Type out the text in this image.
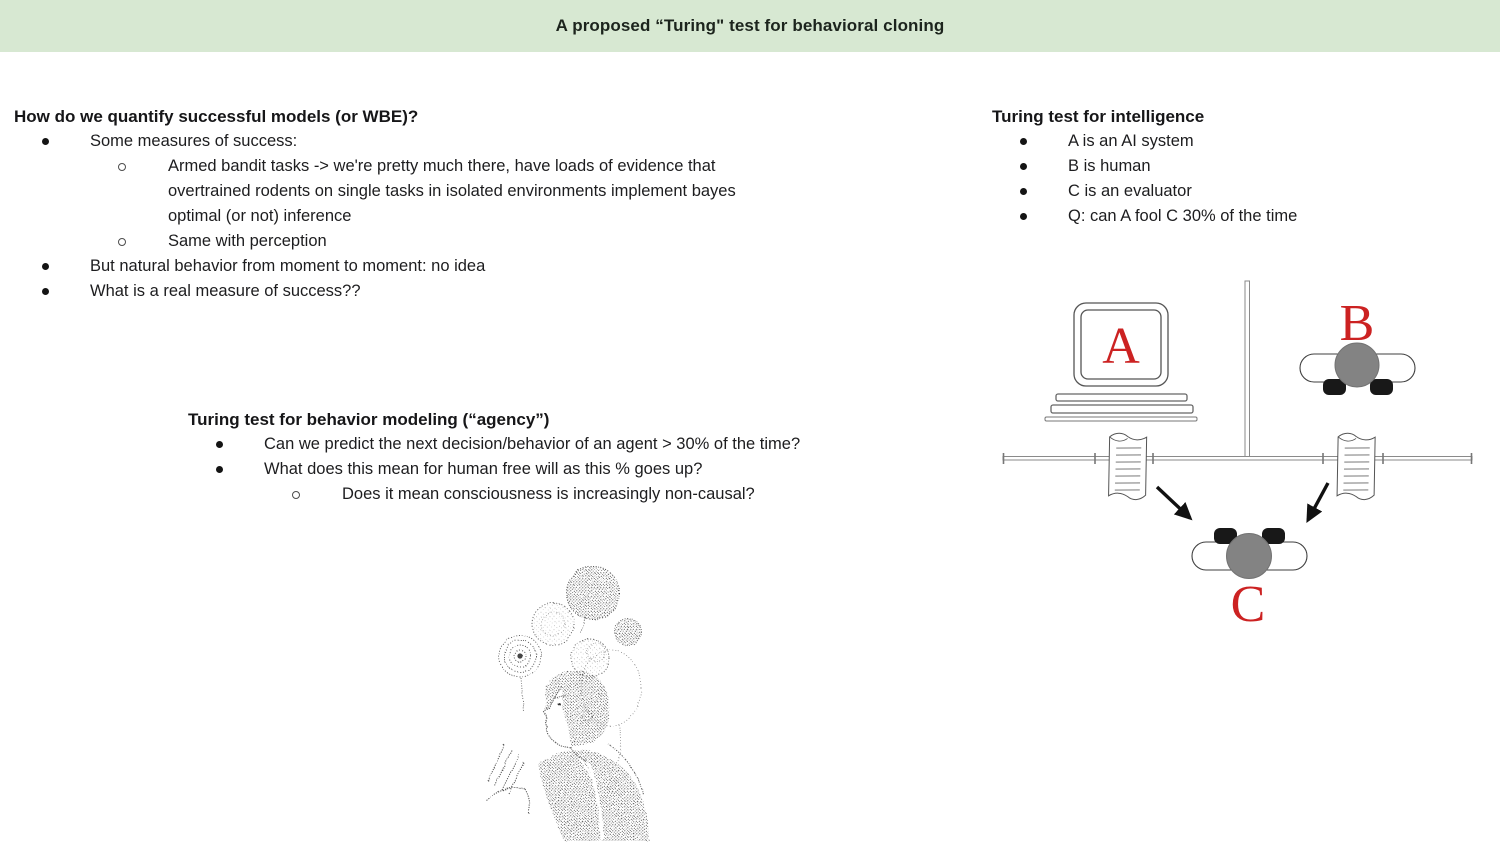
A proposed “Turing" test for behavioral cloning
How do we quantify successful models (or WBE)?
Some measures of success:
Armed bandit tasks -> we're pretty much there, have loads of evidence that overtrained rodents on single tasks in isolated environments implement bayes optimal (or not) inference
Same with perception
But natural behavior from moment to moment: no idea
What is a real measure of success??
Turing test for behavior modeling (“agency”)
Can we predict the next decision/behavior of an agent > 30% of the time?
What does this mean for human free will as this % goes up?
Does it mean consciousness is increasingly non-causal?
Turing test for intelligence
A is an AI system
B is human
C is an evaluator
Q: can A fool C 30% of the time
A	B
C
